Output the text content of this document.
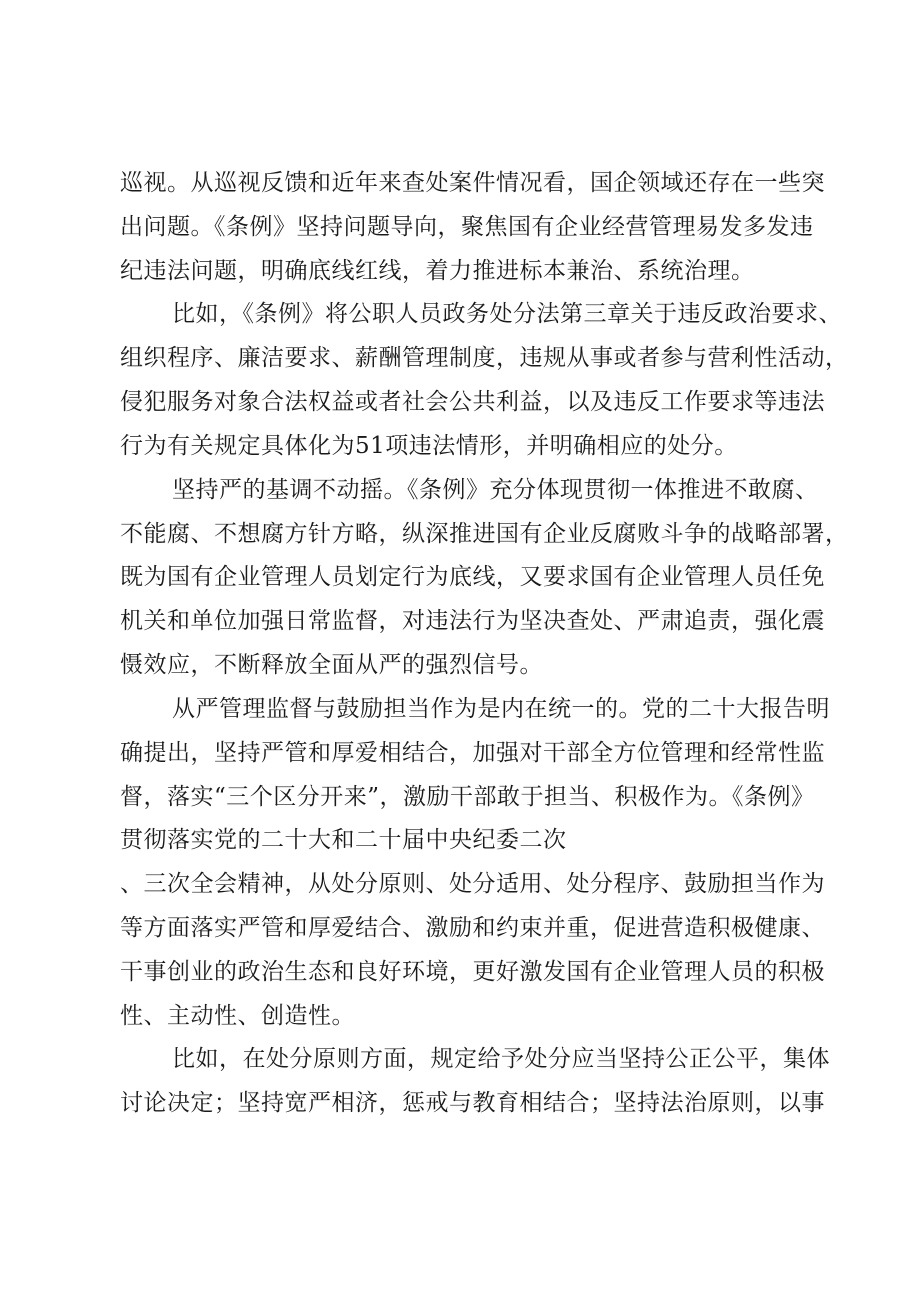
巡视。从巡视反馈和近年来查处案件情况看，国企领域还存在一些突
出问题。《条例》坚持问题导向，聚焦国有企业经营管理易发多发违
纪违法问题，明确底线红线，着力推进标本兼治、系统治理。
比如，《条例》将公职人员政务处分法第三章关于违反政治要求、
组织程序、廉洁要求、薪酬管理制度，违规从事或者参与营利性活动，
侵犯服务对象合法权益或者社会公共利益，以及违反工作要求等违法
行为有关规定具体化为51项违法情形，并明确相应的处分。
坚持严的基调不动摇。《条例》充分体现贯彻一体推进不敢腐、
不能腐、不想腐方针方略，纵深推进国有企业反腐败斗争的战略部署，
既为国有企业管理人员划定行为底线，又要求国有企业管理人员任免
机关和单位加强日常监督，对违法行为坚决查处、严肃追责，强化震
慑效应，不断释放全面从严的强烈信号。
从严管理监督与鼓励担当作为是内在统一的。党的二十大报告明
确提出，坚持严管和厚爱相结合，加强对干部全方位管理和经常性监
督，落实“三个区分开来”，激励干部敢于担当、积极作为。《条例》
贯彻落实党的二十大和二十届中央纪委二次
、三次全会精神，从处分原则、处分适用、处分程序、鼓励担当作为
等方面落实严管和厚爱结合、激励和约束并重，促进营造积极健康、
干事创业的政治生态和良好环境，更好激发国有企业管理人员的积极
性、主动性、创造性。
比如，在处分原则方面，规定给予处分应当坚持公正公平，集体
讨论决定；坚持宽严相济，惩戒与教育相结合；坚持法治原则，以事
